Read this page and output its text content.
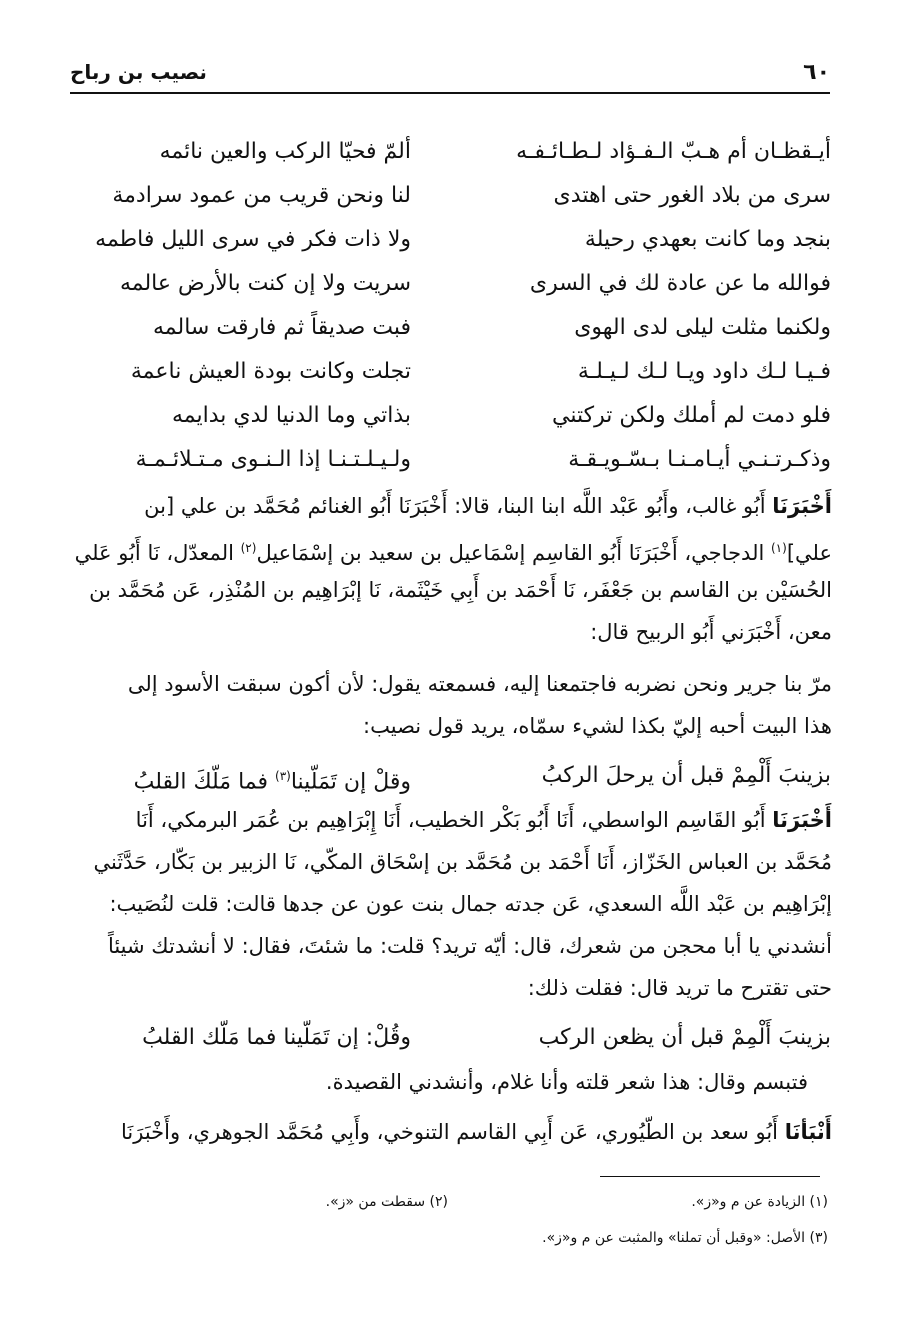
٦٠
نصيب بن رباح
أيـقظـان أم هـبّ الـفـؤاد لـطـائـفـه
ألمّ فحيّا الركب والعين نائمه
سرى من بلاد الغور حتى اهتدى
لنا ونحن قريب من عمود سرادمة
بنجد وما كانت بعهدي رحيلة
ولا ذات فكر في سرى الليل فاطمه
فوالله ما عن عادة لك في السرى
سريت ولا إن كنت بالأرض عالمه
ولكنما مثلت ليلى لدى الهوى
فبت صديقاً ثم فارقت سالمه
فـيـا لـك داود ويـا لـك لـيـلـة
تجلت وكانت بودة العيش ناعمة
فلو دمت لم أملك ولكن تركتني
بذاتي وما الدنيا لدي بدايمه
وذكـرتـنـي أيـامـنـا بـسّـويـقـة
ولـيـلـتـنـا إذا الـنـوى مـتـلائـمـة
أَخْبَرَنَا أَبُو غالب، وأَبُو عَبْد اللَّه ابنا البنا، قالا: أَخْبَرَنَا أَبُو الغنائم مُحَمَّد بن علي [بن
علي]$^{(١)}$ الدجاجي، أَخْبَرَنَا أَبُو القاسِم إسْمَاعيل بن سعيد بن إسْمَاعيل$^{(٢)}$ المعدّل، نَا أَبُو عَلي
الحُسَيْن بن القاسم بن جَعْفَر، نَا أَحْمَد بن أَبِي خَيْثَمة، نَا إبْرَاهِيم بن المُنْذِر، عَن مُحَمَّد بن
معن، أَخْبَرَني أَبُو الربيح قال:
مرّ بنا جرير ونحن نضربه فاجتمعنا إليه، فسمعته يقول: لأن أكون سبقت الأسود إلى
هذا البيت أحبه إليّ بكذا لشيء سمّاه، يريد قول نصيب:
بزينبَ أَلْمِمْ قبل أن يرحلَ الركبُ
وقلْ إن تَمَلّينا$^{(٣)}$ فما مَلّكَ القلبُ
أَخْبَرَنَا أَبُو القَاسِم الواسطي، أَنَا أَبُو بَكْر الخطيب، أَنَا إِبْرَاهِيم بن عُمَر البرمكي، أَنَا
مُحَمَّد بن العباس الخَزّاز، أَنَا أَحْمَد بن مُحَمَّد بن إسْحَاق المكّي، نَا الزبير بن بَكّار، حَدَّثَني
إبْرَاهِيم بن عَبْد اللَّه السعدي، عَن جدته جمال بنت عون عن جدها قالت: قلت لنُصَيب:
أنشدني يا أبا محجن من شعرك، قال: أيّه تريد؟ قلت: ما شئتَ، فقال: لا أنشدتك شيئاً
حتى تقترح ما تريد قال: فقلت ذلك:
بزينبَ أَلْمِمْ قبل أن يظعن الركب
وقُلْ: إن تَمَلّينا فما مَلّك القلبُ
فتبسم وقال: هذا شعر قلته وأنا غلام، وأنشدني القصيدة.
أَنْبَأنَا أَبُو سعد بن الطّيُوري، عَن أَبِي القاسم التنوخي، وأَبِي مُحَمَّد الجوهري، وأَخْبَرَنَا
(١) الزيادة عن م و«ز».
(٢) سقطت من «ز».
(٣) الأصل: «وقبل أن تملنا» والمثبت عن م و«ز».
